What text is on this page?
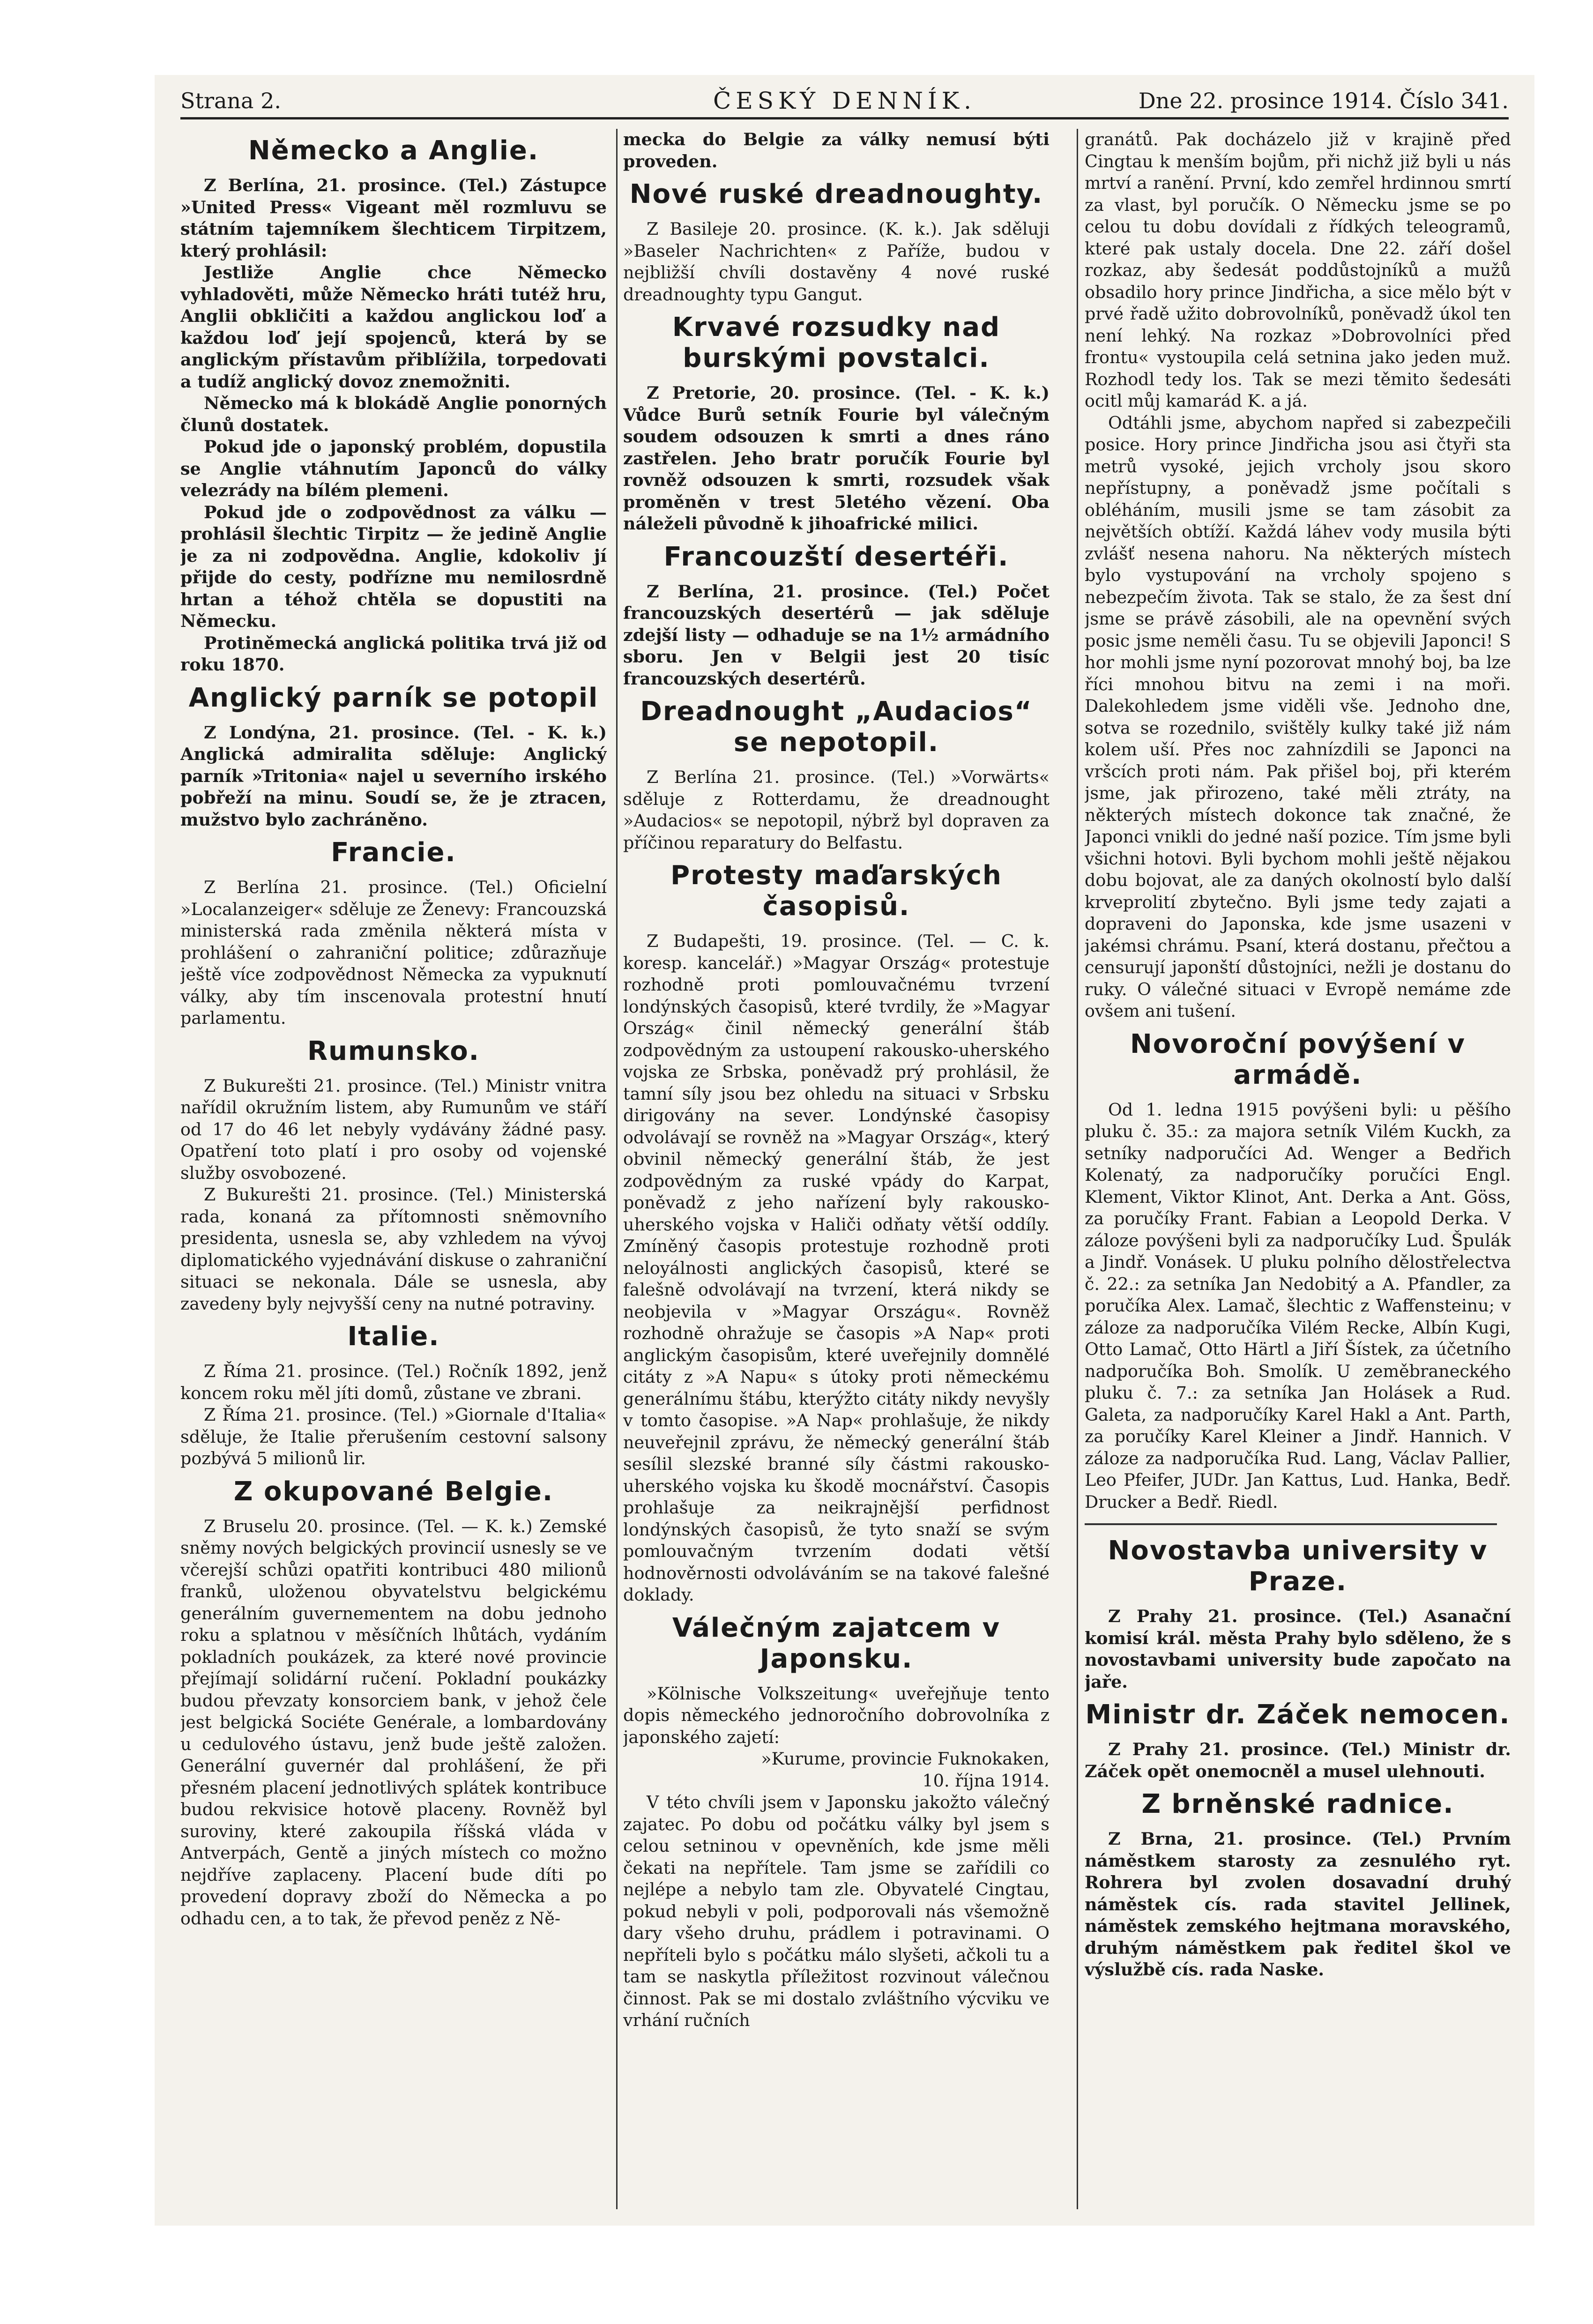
Strana 2.	ČESKÝ DENNÍK.	Dne 22. prosince 1914. Číslo 341.
Německo a Anglie.

Z Berlína, 21. prosince. (Tel.) Zástupce »United Press« Vigeant měl rozmluvu se státním tajemníkem šlechticem Tirpitzem, který prohlásil:

Jestliže Anglie chce Německo vyhladověti, může Německo hráti tutéž hru, Anglii obkličiti a každou anglickou loď a každou loď její spojenců, která by se anglickým přístavům přiblížila, torpedovati a tudíž anglický dovoz znemožniti.

Německo má k blokádě Anglie ponorných člunů dostatek.

Pokud jde o japonský problém, dopustila se Anglie vtáhnutím Japonců do války velezrády na bílém plemeni.

Pokud jde o zodpovědnost za válku — prohlásil šlechtic Tirpitz — že jedině Anglie je za ni zodpovědna. Anglie, kdokoliv jí přijde do cesty, podřízne mu nemilosrdně hrtan a téhož chtěla se dopustiti na Německu.

Protiněmecká anglická politika trvá již od roku 1870.

Anglický parník se potopil

Z Londýna, 21. prosince. (Tel. - K. k.) Anglická admiralita sděluje: Anglický parník »Tritonia« najel u severního irského pobřeží na minu. Soudí se, že je ztracen, mužstvo bylo zachráněno.

Francie.

Z Berlína 21. prosince. (Tel.) Oficielní »Localanzeiger« sděluje ze Ženevy: Francouzská ministerská rada změnila některá místa v prohlášení o zahraniční politice; zdůrazňuje ještě více zodpovědnost Německa za vypuknutí války, aby tím inscenovala protestní hnutí parlamentu.

Rumunsko.

Z Bukurešti 21. prosince. (Tel.) Ministr vnitra nařídil okružním listem, aby Rumunům ve stáří od 17 do 46 let nebyly vydávány žádné pasy. Opatření toto platí i pro osoby od vojenské služby osvobozené.

Z Bukurešti 21. prosince. (Tel.) Ministerská rada, konaná za přítomnosti sněmovního presidenta, usnesla se, aby vzhledem na vývoj diplomatického vyjednávání diskuse o zahraniční situaci se nekonala. Dále se usnesla, aby zavedeny byly nejvyšší ceny na nutné potraviny.

Italie.

Z Říma 21. prosince. (Tel.) Ročník 1892, jenž koncem roku měl jíti domů, zůstane ve zbrani.

Z Říma 21. prosince. (Tel.) »Giornale d'Italia« sděluje, že Italie přerušením cestovní salsony pozbývá 5 milionů lir.

Z okupované Belgie.

Z Bruselu 20. prosince. (Tel. — K. k.) Zemské sněmy nových belgických provincií usnesly se ve včerejší schůzi opatřiti kontribuci 480 milionů franků, uloženou obyvatelstvu belgickému generálním guvernementem na dobu jednoho roku a splatnou v měsíčních lhůtách, vydáním pokladních poukázek, za které nové provincie přejímají solidární ručení. Pokladní poukázky budou převzaty konsorciem bank, v jehož čele jest belgická Sociéte Genérale, a lombardovány u cedulového ústavu, jenž bude ještě založen. Generální guvernér dal prohlášení, že při přesném placení jednotlivých splátek kontribuce budou rekvisice hotově placeny. Rovněž byl suroviny, které zakoupila říšská vláda v Antverpách, Gentě a jiných místech co možno nejdříve zaplaceny. Placení bude díti po provedení dopravy zboží do Německa a po odhadu cen, a to tak, že převod peněz z Ně-

mecka do Belgie za války nemusí býti proveden.

Nové ruské dreadnoughty.

Z Basileje 20. prosince. (K. k.). Jak sděluji »Baseler Nachrichten« z Paříže, budou v nejbližší chvíli dostavěny 4 nové ruské dreadnoughty typu Gangut.

Krvavé rozsudky nad burskými povstalci.

Z Pretorie, 20. prosince. (Tel. - K. k.) Vůdce Burů setník Fourie byl válečným soudem odsouzen k smrti a dnes ráno zastřelen. Jeho bratr poručík Fourie byl rovněž odsouzen k smrti, rozsudek však proměněn v trest 5letého vězení. Oba náleželi původně k jihoafrické milici.

Francouzští desertéři.

Z Berlína, 21. prosince. (Tel.) Počet francouzských desertérů — jak sděluje zdejší listy — odhaduje se na 1½ armádního sboru. Jen v Belgii jest 20 tisíc francouzských desertérů.

Dreadnought „Audacios“ se nepotopil.

Z Berlína 21. prosince. (Tel.) »Vorwärts« sděluje z Rotterdamu, že dreadnought »Audacios« se nepotopil, nýbrž byl dopraven za příčinou reparatury do Belfastu.

Protesty maďarských časopisů.

Z Budapešti, 19. prosince. (Tel. — C. k. koresp. kancelář.) »Magyar Ország« protestuje rozhodně proti pomlouvačnému tvrzení londýnských časopisů, které tvrdily, že »Magyar Ország« činil německý generální štáb zodpovědným za ustoupení rakousko-uherského vojska ze Srbska, poněvadž prý prohlásil, že tamní síly jsou bez ohledu na situaci v Srbsku dirigovány na sever. Londýnské časopisy odvolávají se rovněž na »Magyar Ország«, který obvinil německý generální štáb, že jest zodpovědným za ruské vpády do Karpat, poněvadž z jeho nařízení byly rakousko-uherského vojska v Haliči odňaty větší oddíly. Zmíněný časopis protestuje rozhodně proti neloyálnosti anglických časopisů, které se falešně odvolávají na tvrzení, která nikdy se neobjevila v »Magyar Országu«. Rovněž rozhodně ohražuje se časopis »A Nap« proti anglickým časopisům, které uveřejnily domnělé citáty z »A Napu« s útoky proti německému generálnímu štábu, kterýžto citáty nikdy nevyšly v tomto časopise. »A Nap« prohlašuje, že nikdy neuveřejnil zprávu, že německý generální štáb sesílil slezské branné síly částmi rakousko-uherského vojska ku škodě mocnářství. Časopis prohlašuje za neikrajnější perfidnost londýnských časopisů, že tyto snaží se svým pomlouvačným tvrzením dodati větší hodnověrnosti odvoláváním se na takové falešné doklady.

Válečným zajatcem v Japonsku.

»Kölnische Volkszeitung« uveřejňuje tento dopis německého jednoročního dobrovolníka z japonského zajetí:

»Kurume, provincie Fuknokaken,

10. října 1914.

V této chvíli jsem v Japonsku jakožto válečný zajatec. Po dobu od počátku války byl jsem s celou setninou v opevněních, kde jsme měli čekati na nepřítele. Tam jsme se zařídili co nejlépe a nebylo tam zle. Obyvatelé Cingtau, pokud nebyli v poli, podporovali nás všemožně dary všeho druhu, prádlem i potravinami. O nepříteli bylo s počátku málo slyšeti, ačkoli tu a tam se naskytla příležitost rozvinout válečnou činnost. Pak se mi dostalo zvláštního výcviku ve vrhání ručních

granátů. Pak docházelo již v krajině před Cingtau k menším bojům, při nichž již byli u nás mrtví a ranění. První, kdo zemřel hrdinnou smrtí za vlast, byl poručík. O Německu jsme se po celou tu dobu dovídali z řídkých teleogramů, které pak ustaly docela. Dne 22. září došel rozkaz, aby šedesát poddůstojníků a mužů obsadilo hory prince Jindřicha, a sice mělo být v prvé řadě užito dobrovolníků, poněvadž úkol ten není lehký. Na rozkaz »Dobrovolníci před frontu« vystoupila celá setnina jako jeden muž. Rozhodl tedy los. Tak se mezi těmito šedesáti ocitl můj kamarád K. a já.

Odtáhli jsme, abychom napřed si zabezpečili posice. Hory prince Jindřicha jsou asi čtyři sta metrů vysoké, jejich vrcholy jsou skoro nepřístupny, a poněvadž jsme počítali s obléháním, musili jsme se tam zásobit za největších obtíží. Každá láhev vody musila býti zvlášť nesena nahoru. Na některých místech bylo vystupování na vrcholy spojeno s nebezpečím života. Tak se stalo, že za šest dní jsme se právě zásobili, ale na opevnění svých posic jsme neměli času. Tu se objevili Japonci! S hor mohli jsme nyní pozorovat mnohý boj, ba lze říci mnohou bitvu na zemi i na moři. Dalekohledem jsme viděli vše. Jednoho dne, sotva se rozednilo, svištěly kulky také již nám kolem uší. Přes noc zahnízdili se Japonci na vršcích proti nám. Pak přišel boj, při kterém jsme, jak přirozeno, také měli ztráty, na některých místech dokonce tak značné, že Japonci vnikli do jedné naší pozice. Tím jsme byli všichni hotovi. Byli bychom mohli ještě nějakou dobu bojovat, ale za daných okolností bylo další krveprolití zbytečno. Byli jsme tedy zajati a dopraveni do Japonska, kde jsme usazeni v jakémsi chrámu. Psaní, která dostanu, přečtou a censurují japonští důstojníci, nežli je dostanu do ruky. O válečné situaci v Evropě nemáme zde ovšem ani tušení.

Novoroční povýšení v armádě.

Od 1. ledna 1915 povýšeni byli: u pěšího pluku č. 35.: za majora setník Vilém Kuckh, za setníky nadporučíci Ad. Wenger a Bedřich Kolenatý, za nadporučíky poručíci Engl. Klement, Viktor Klinot, Ant. Derka a Ant. Göss, za poručíky Frant. Fabian a Leopold Derka. V záloze povýšeni byli za nadporučíky Lud. Špulák a Jindř. Vonásek. U pluku polního dělostřelectva č. 22.: za setníka Jan Nedobitý a A. Pfandler, za poručíka Alex. Lamač, šlechtic z Waffensteinu; v záloze za nadporučíka Vilém Recke, Albín Kugi, Otto Lamač, Otto Härtl a Jiří Šístek, za účetního nadporučíka Boh. Smolík. U zeměbraneckého pluku č. 7.: za setníka Jan Holásek a Rud. Galeta, za nadporučíky Karel Hakl a Ant. Parth, za poručíky Karel Kleiner a Jindř. Hannich. V záloze za nadporučíka Rud. Lang, Václav Pallier, Leo Pfeifer, JUDr. Jan Kattus, Lud. Hanka, Bedř. Drucker a Bedř. Riedl.

Novostavba university v Praze.

Z Prahy 21. prosince. (Tel.) Asanační komisí král. města Prahy bylo sděleno, že s novostavbami university bude započato na jaře.

Ministr dr. Záček nemocen.

Z Prahy 21. prosince. (Tel.) Ministr dr. Záček opět onemocněl a musel ulehnouti.

Z brněnské radnice.

Z Brna, 21. prosince. (Tel.) Prvním náměstkem starosty za zesnulého ryt. Rohrera byl zvolen dosavadní druhý náměstek cís. rada stavitel Jellinek, náměstek zemského hejtmana moravského, druhým náměstkem pak ředitel škol ve výslužbě cís. rada Naske.
